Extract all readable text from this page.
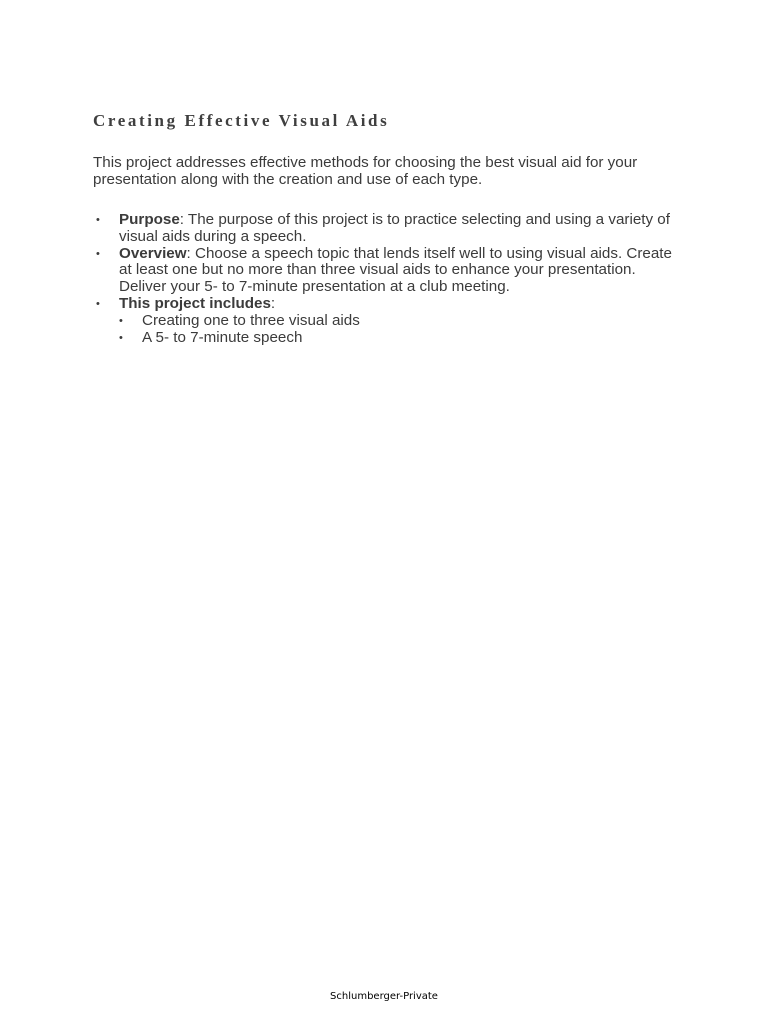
Creating Effective Visual Aids

This project addresses effective methods for choosing the best visual aid for your presentation along with the creation and use of each type.

• Purpose: The purpose of this project is to practice selecting and using a variety of visual aids during a speech.
• Overview: Choose a speech topic that lends itself well to using visual aids. Create at least one but no more than three visual aids to enhance your presentation. Deliver your 5- to 7-minute presentation at a club meeting.
• This project includes:
• Creating one to three visual aids
• A 5- to 7-minute speech
Schlumberger-Private
